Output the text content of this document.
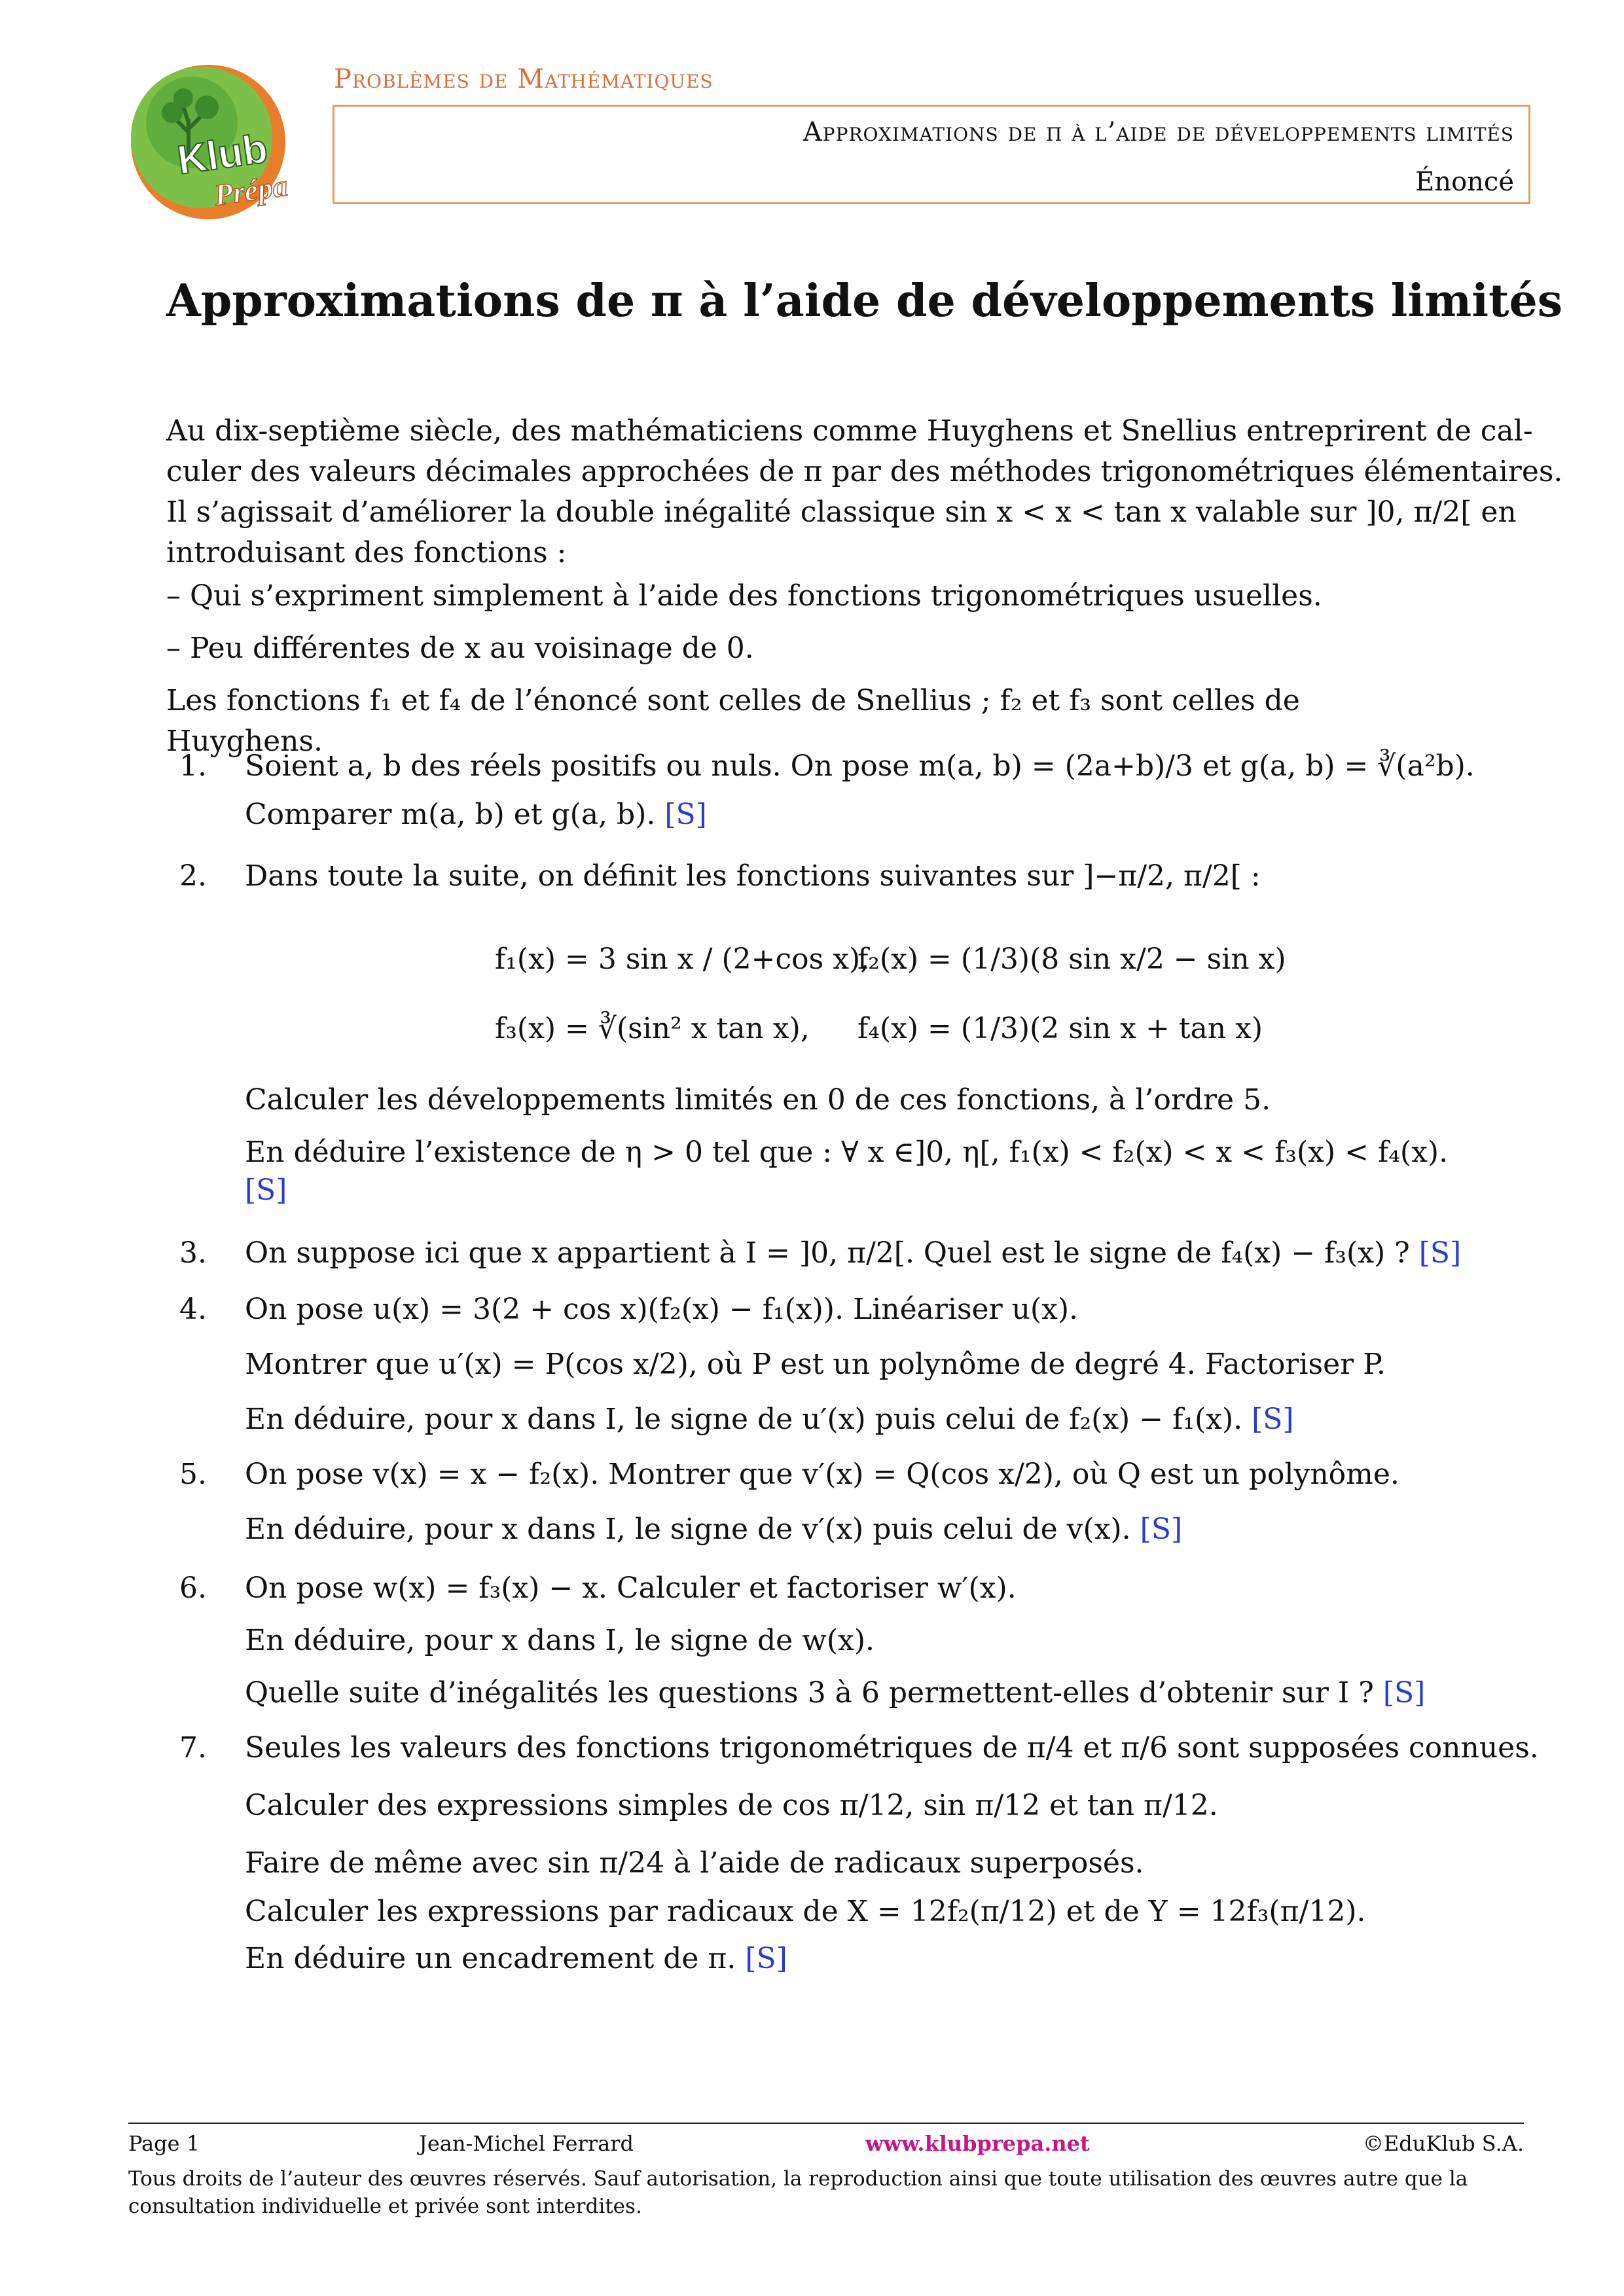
Klub
Prépa
Problèmes de Mathématiques
Approximations de π à l’aide de développements limités
Énoncé
Approximations de π à l’aide de développements limités
Au dix-septième siècle, des mathématiciens comme Huyghens et Snellius entreprirent de cal-
culer des valeurs décimales approchées de π par des méthodes trigonométriques élémentaires.
Il s’agissait d’améliorer la double inégalité classique sin x < x < tan x valable sur ]0, π/2[ en
introduisant des fonctions :
– Qui s’expriment simplement à l’aide des fonctions trigonométriques usuelles.
– Peu différentes de x au voisinage de 0.
Les fonctions f₁ et f₄ de l’énoncé sont celles de Snellius ; f₂ et f₃ sont celles de Huyghens.
1. Soient a, b des réels positifs ou nuls. On pose m(a, b) = (2a+b)/3 et g(a, b) = ∛(a²b).
Comparer m(a, b) et g(a, b). [S]
2. Dans toute la suite, on définit les fonctions suivantes sur ]−π/2, π/2[ :
f₁(x) = 3 sin x / (2+cos x),
f₂(x) = (1/3)(8 sin x/2 − sin x)
f₃(x) = ∛(sin² x tan x), f₄(x) = (1/3)(2 sin x + tan x)
Calculer les développements limités en 0 de ces fonctions, à l’ordre 5.
En déduire l’existence de η > 0 tel que : ∀ x ∈]0, η[, f₁(x) < f₂(x) < x < f₃(x) < f₄(x).
[S]
3. On suppose ici que x appartient à I = ]0, π/2[. Quel est le signe de f₄(x) − f₃(x) ? [S]
4. On pose u(x) = 3(2 + cos x)(f₂(x) − f₁(x)). Linéariser u(x).
Montrer que u′(x) = P(cos x/2), où P est un polynôme de degré 4. Factoriser P.
En déduire, pour x dans I, le signe de u′(x) puis celui de f₂(x) − f₁(x). [S]
5. On pose v(x) = x − f₂(x). Montrer que v′(x) = Q(cos x/2), où Q est un polynôme.
En déduire, pour x dans I, le signe de v′(x) puis celui de v(x). [S]
6. On pose w(x) = f₃(x) − x. Calculer et factoriser w′(x).
En déduire, pour x dans I, le signe de w(x).
Quelle suite d’inégalités les questions 3 à 6 permettent-elles d’obtenir sur I ? [S]
7. Seules les valeurs des fonctions trigonométriques de π/4 et π/6 sont supposées connues.
Calculer des expressions simples de cos π/12, sin π/12 et tan π/12.
Faire de même avec sin π/24 à l’aide de radicaux superposés.
Calculer les expressions par radicaux de X = 12f₂(π/12) et de Y = 12f₃(π/12).
En déduire un encadrement de π. [S]
Page 1	Jean-Michel Ferrard	www.klubprepa.net	©EduKlub S.A.
Tous droits de l’auteur des œuvres réservés. Sauf autorisation, la reproduction ainsi que toute utilisation des œuvres autre que la consultation individuelle et privée sont interdites.
